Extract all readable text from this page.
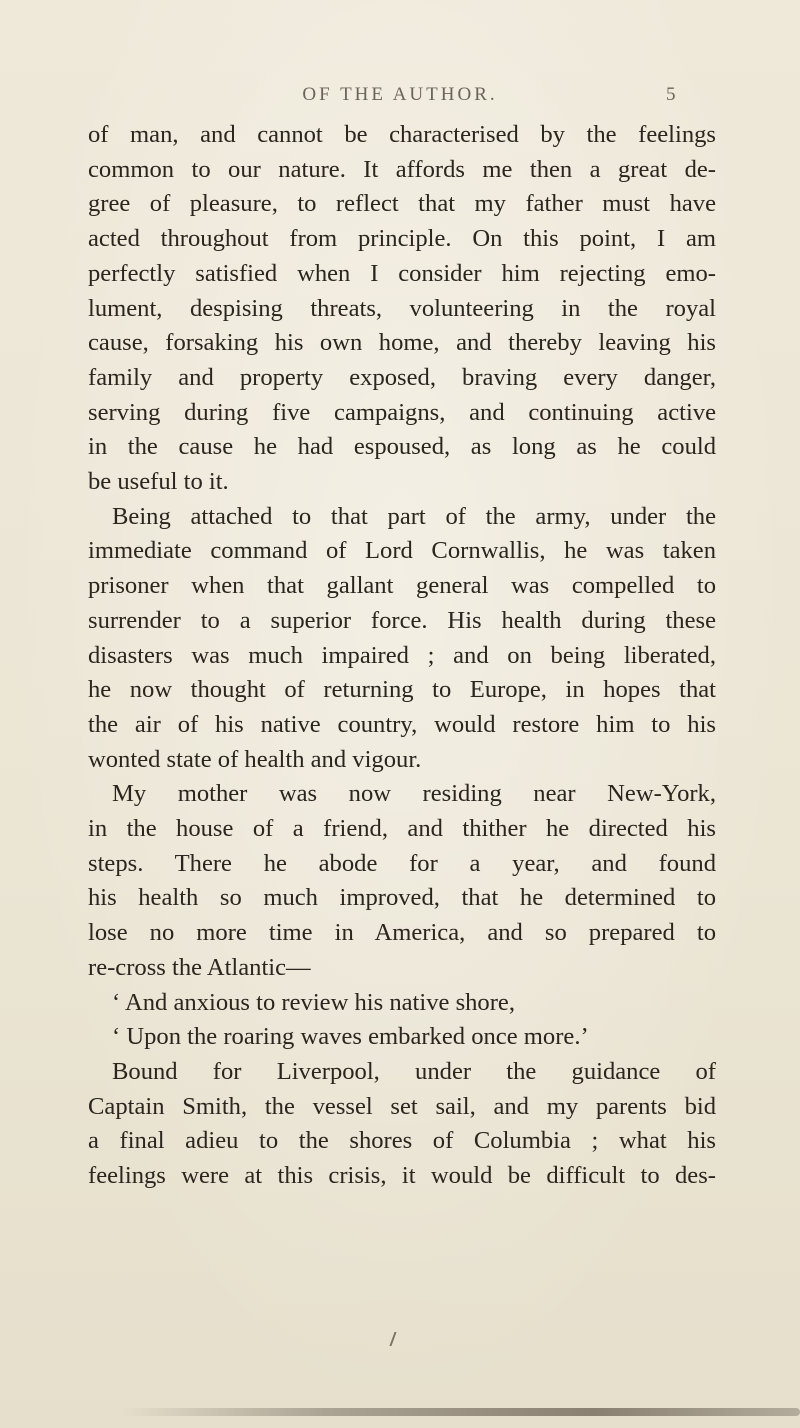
OF THE AUTHOR.	5
of man, and cannot be characterised by the feelings
common to our nature. It affords me then a great de-
gree of pleasure, to reflect that my father must have
acted throughout from principle. On this point, I am
perfectly satisfied when I consider him rejecting emo-
lument, despising threats, volunteering in the royal
cause, forsaking his own home, and thereby leaving his
family and property exposed, braving every danger,
serving during five campaigns, and continuing active
in the cause he had espoused, as long as he could
be useful to it.
Being attached to that part of the army, under the
immediate command of Lord Cornwallis, he was taken
prisoner when that gallant general was compelled to
surrender to a superior force. His health during these
disasters was much impaired ; and on being liberated,
he now thought of returning to Europe, in hopes that
the air of his native country, would restore him to his
wonted state of health and vigour.
My mother was now residing near New-York,
in the house of a friend, and thither he directed his
steps. There he abode for a year, and found
his health so much improved, that he determined to
lose no more time in America, and so prepared to
re-cross the Atlantic—
‘ And anxious to review his native shore,
‘ Upon the roaring waves embarked once more.’
Bound for Liverpool, under the guidance of
Captain Smith, the vessel set sail, and my parents bid
a final adieu to the shores of Columbia ; what his
feelings were at this crisis, it would be difficult to des-
